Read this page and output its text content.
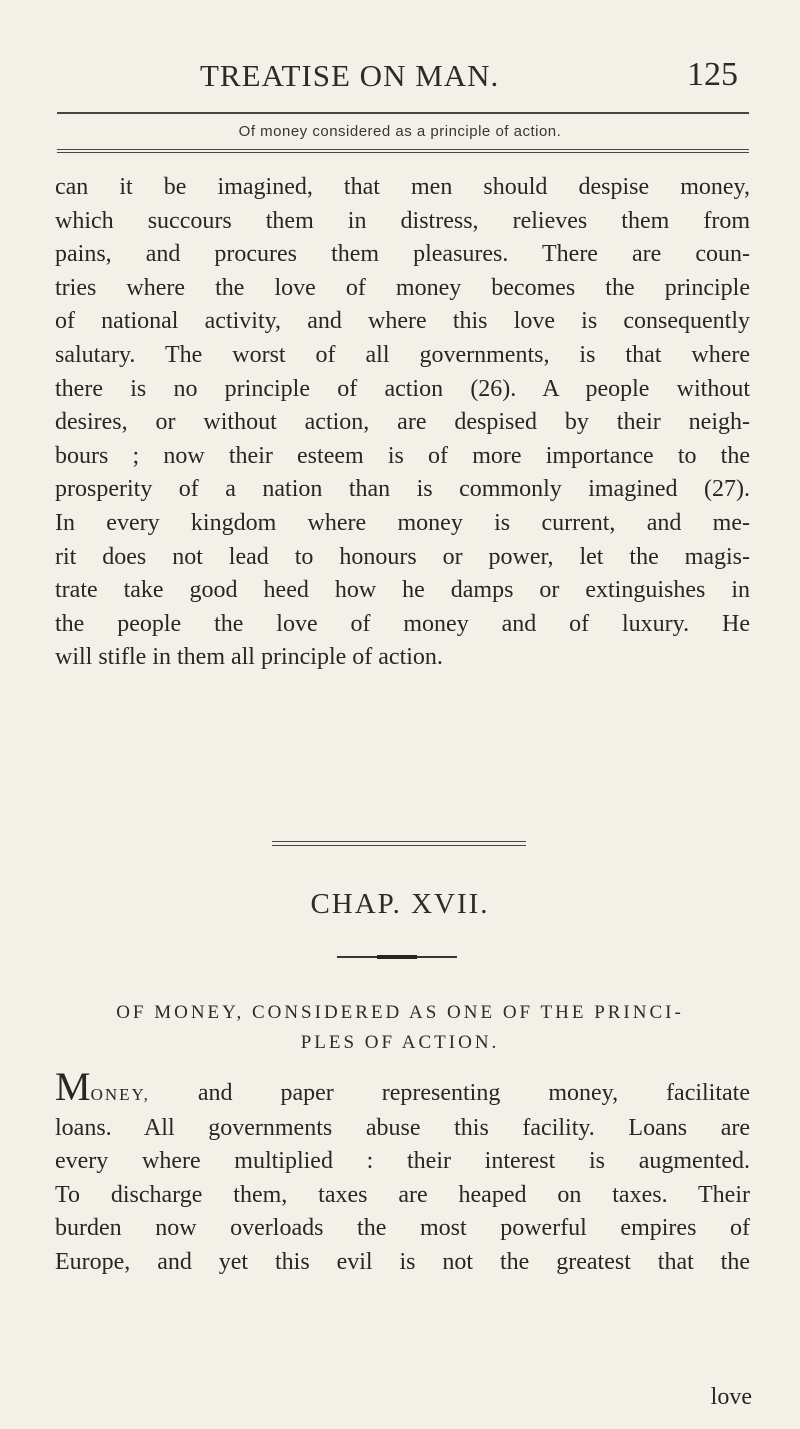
TREATISE ON MAN.	125
Of money considered as a principle of action.
can it be imagined, that men should despise money,
which succours them in distress, relieves them from
pains, and procures them pleasures. There are coun-
tries where the love of money becomes the principle
of national activity, and where this love is consequently
salutary. The worst of all governments, is that where
there is no principle of action (26). A people without
desires, or without action, are despised by their neigh-
bours ; now their esteem is of more importance to the
prosperity of a nation than is commonly imagined (27).
In every kingdom where money is current, and me-
rit does not lead to honours or power, let the magis-
trate take good heed how he damps or extinguishes in
the people the love of money and of luxury. He
will stifle in them all principle of action.
CHAP. XVII.
OF MONEY, CONSIDERED AS ONE OF THE PRINCI-
PLES OF ACTION.
MONEY, and paper representing money, facilitate
loans. All governments abuse this facility. Loans are
every where multiplied : their interest is augmented.
To discharge them, taxes are heaped on taxes. Their
burden now overloads the most powerful empires of
Europe, and yet this evil is not the greatest that the
love
